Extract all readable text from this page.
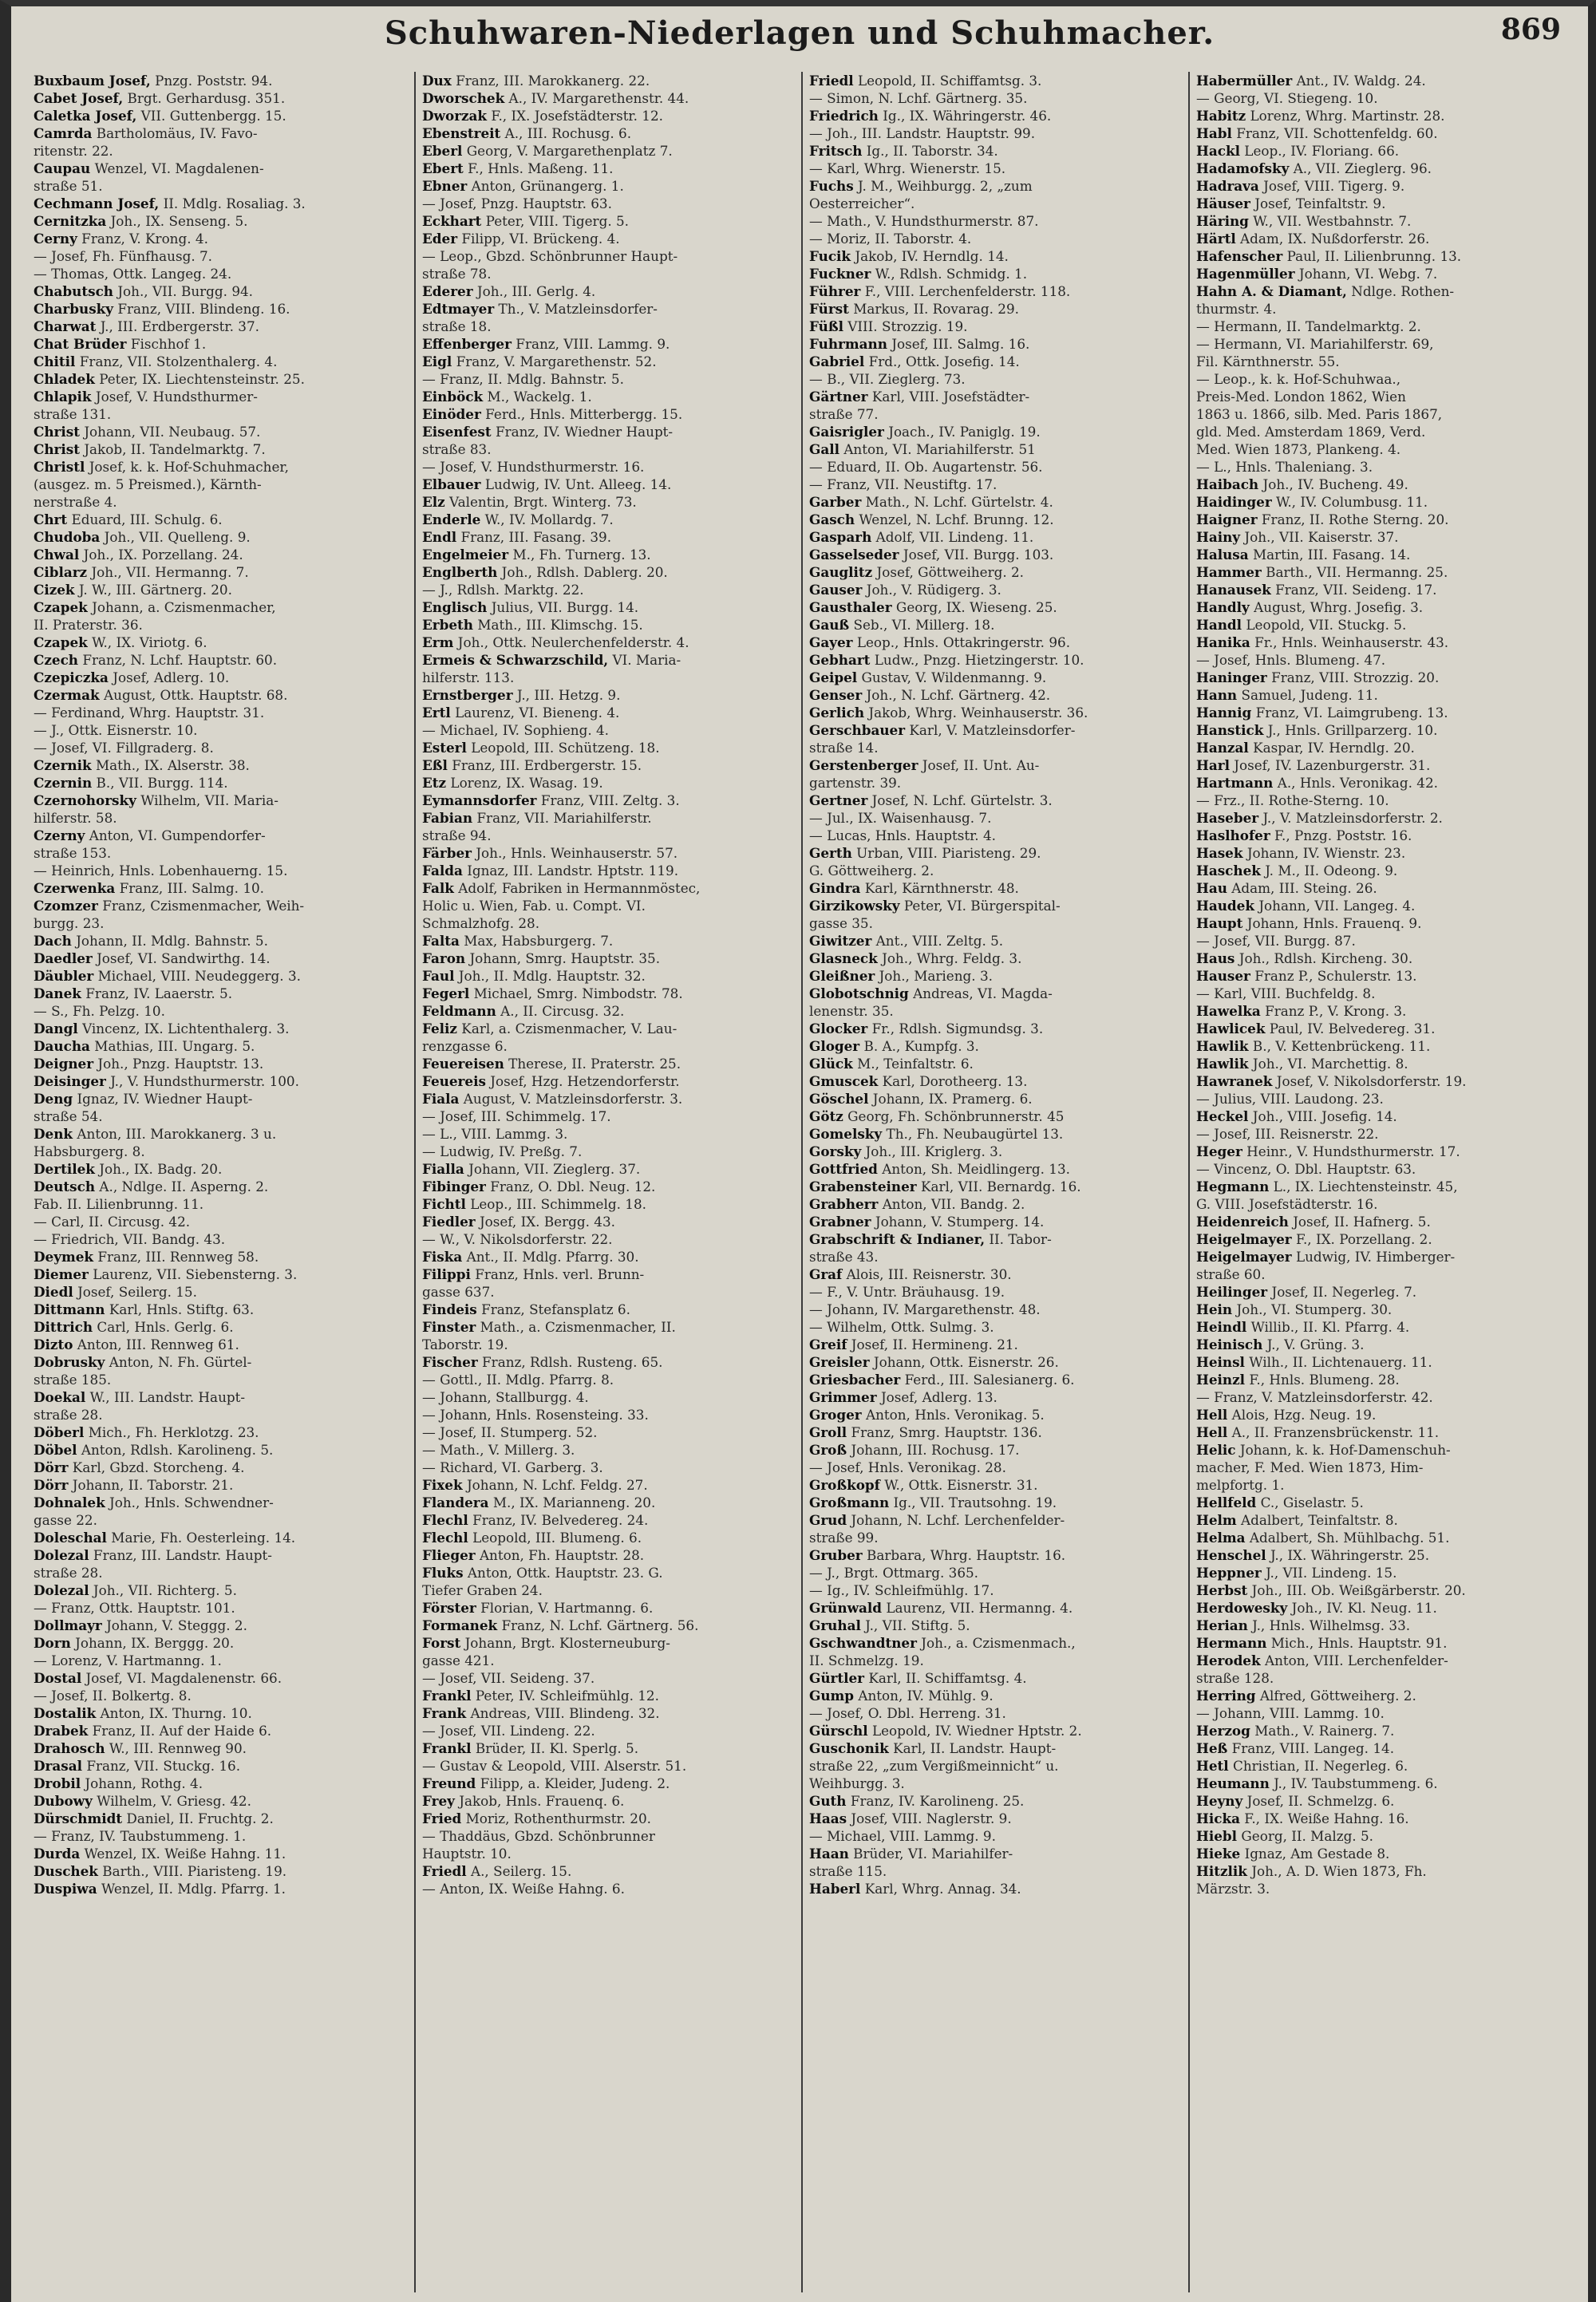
Schuhwaren-Niederlagen und Schuhmacher.	869
Buxbaum Josef, Pnzg. Poststr. 94.
Cabet Josef, Brgt. Gerhardusg. 351.
Caletka Josef, VII. Guttenbergg. 15.
Camrda Bartholomäus, IV. Favo-
ritenstr. 22.
Caupau Wenzel, VI. Magdalenen-
straße 51.
Cechmann Josef, II. Mdlg. Rosaliag. 3.
Cernitzka Joh., IX. Senseng. 5.
Cerny Franz, V. Krong. 4.
— Josef, Fh. Fünfhausg. 7.
— Thomas, Ottk. Langeg. 24.
Chabutsch Joh., VII. Burgg. 94.
Charbusky Franz, VIII. Blindeng. 16.
Charwat J., III. Erdbergerstr. 37.
Chat Brüder Fischhof 1.
Chitil Franz, VII. Stolzenthalerg. 4.
Chladek Peter, IX. Liechtensteinstr. 25.
Chlapik Josef, V. Hundsthurmer-
straße 131.
Christ Johann, VII. Neubaug. 57.
Christ Jakob, II. Tandelmarktg. 7.
Christl Josef, k. k. Hof-Schuhmacher,
(ausgez. m. 5 Preismed.), Kärnth-
nerstraße 4.
Chrt Eduard, III. Schulg. 6.
Chudoba Joh., VII. Quelleng. 9.
Chwal Joh., IX. Porzellang. 24.
Ciblarz Joh., VII. Hermanng. 7.
Cizek J. W., III. Gärtnerg. 20.
Czapek Johann, a. Czismenmacher,
II. Praterstr. 36.
Czapek W., IX. Viriotg. 6.
Czech Franz, N. Lchf. Hauptstr. 60.
Czepiczka Josef, Adlerg. 10.
Czermak August, Ottk. Hauptstr. 68.
— Ferdinand, Whrg. Hauptstr. 31.
— J., Ottk. Eisnerstr. 10.
— Josef, VI. Fillgraderg. 8.
Czernik Math., IX. Alserstr. 38.
Czernin B., VII. Burgg. 114.
Czernohorsky Wilhelm, VII. Maria-
hilferstr. 58.
Czerny Anton, VI. Gumpendorfer-
straße 153.
— Heinrich, Hnls. Lobenhauerng. 15.
Czerwenka Franz, III. Salmg. 10.
Czomzer Franz, Czismenmacher, Weih-
burgg. 23.
Dach Johann, II. Mdlg. Bahnstr. 5.
Daedler Josef, VI. Sandwirthg. 14.
Däubler Michael, VIII. Neudeggerg. 3.
Danek Franz, IV. Laaerstr. 5.
— S., Fh. Pelzg. 10.
Dangl Vincenz, IX. Lichtenthalerg. 3.
Daucha Mathias, III. Ungarg. 5.
Deigner Joh., Pnzg. Hauptstr. 13.
Deisinger J., V. Hundsthurmerstr. 100.
Deng Ignaz, IV. Wiedner Haupt-
straße 54.
Denk Anton, III. Marokkanerg. 3 u.
Habsburgerg. 8.
Dertilek Joh., IX. Badg. 20.
Deutsch A., Ndlge. II. Asperng. 2.
Fab. II. Lilienbrunng. 11.
— Carl, II. Circusg. 42.
— Friedrich, VII. Bandg. 43.
Deymek Franz, III. Rennweg 58.
Diemer Laurenz, VII. Siebensterng. 3.
Diedl Josef, Seilerg. 15.
Dittmann Karl, Hnls. Stiftg. 63.
Dittrich Carl, Hnls. Gerlg. 6.
Dizto Anton, III. Rennweg 61.
Dobrusky Anton, N. Fh. Gürtel-
straße 185.
Doekal W., III. Landstr. Haupt-
straße 28.
Döberl Mich., Fh. Herklotzg. 23.
Döbel Anton, Rdlsh. Karolineng. 5.
Dörr Karl, Gbzd. Storcheng. 4.
Dörr Johann, II. Taborstr. 21.
Dohnalek Joh., Hnls. Schwendner-
gasse 22.
Doleschal Marie, Fh. Oesterleing. 14.
Dolezal Franz, III. Landstr. Haupt-
straße 28.
Dolezal Joh., VII. Richterg. 5.
— Franz, Ottk. Hauptstr. 101.
Dollmayr Johann, V. Steggg. 2.
Dorn Johann, IX. Berggg. 20.
— Lorenz, V. Hartmanng. 1.
Dostal Josef, VI. Magdalenenstr. 66.
— Josef, II. Bolkertg. 8.
Dostalik Anton, IX. Thurng. 10.
Drabek Franz, II. Auf der Haide 6.
Drahosch W., III. Rennweg 90.
Drasal Franz, VII. Stuckg. 16.
Drobil Johann, Rothg. 4.
Dubowy Wilhelm, V. Griesg. 42.
Dürschmidt Daniel, II. Fruchtg. 2.
— Franz, IV. Taubstummeng. 1.
Durda Wenzel, IX. Weiße Hahng. 11.
Duschek Barth., VIII. Piaristeng. 19.
Duspiwa Wenzel, II. Mdlg. Pfarrg. 1.
Dux Franz, III. Marokkanerg. 22.
Dworschek A., IV. Margarethenstr. 44.
Dworzak F., IX. Josefstädterstr. 12.
Ebenstreit A., III. Rochusg. 6.
Eberl Georg, V. Margarethenplatz 7.
Ebert F., Hnls. Maßeng. 11.
Ebner Anton, Grünangerg. 1.
— Josef, Pnzg. Hauptstr. 63.
Eckhart Peter, VIII. Tigerg. 5.
Eder Filipp, VI. Brückeng. 4.
— Leop., Gbzd. Schönbrunner Haupt-
straße 78.
Ederer Joh., III. Gerlg. 4.
Edtmayer Th., V. Matzleinsdorfer-
straße 18.
Effenberger Franz, VIII. Lammg. 9.
Eigl Franz, V. Margarethenstr. 52.
— Franz, II. Mdlg. Bahnstr. 5.
Einböck M., Wackelg. 1.
Einöder Ferd., Hnls. Mitterbergg. 15.
Eisenfest Franz, IV. Wiedner Haupt-
straße 83.
— Josef, V. Hundsthurmerstr. 16.
Elbauer Ludwig, IV. Unt. Alleeg. 14.
Elz Valentin, Brgt. Winterg. 73.
Enderle W., IV. Mollardg. 7.
Endl Franz, III. Fasang. 39.
Engelmeier M., Fh. Turnerg. 13.
Englberth Joh., Rdlsh. Dablerg. 20.
— J., Rdlsh. Marktg. 22.
Englisch Julius, VII. Burgg. 14.
Erbeth Math., III. Klimschg. 15.
Erm Joh., Ottk. Neulerchenfelderstr. 4.
Ermeis & Schwarzschild, VI. Maria-
hilferstr. 113.
Ernstberger J., III. Hetzg. 9.
Ertl Laurenz, VI. Bieneng. 4.
— Michael, IV. Sophieng. 4.
Esterl Leopold, III. Schützeng. 18.
Eßl Franz, III. Erdbergerstr. 15.
Etz Lorenz, IX. Wasag. 19.
Eymannsdorfer Franz, VIII. Zeltg. 3.
Fabian Franz, VII. Mariahilferstr.
straße 94.
Färber Joh., Hnls. Weinhauserstr. 57.
Falda Ignaz, III. Landstr. Hptstr. 119.
Falk Adolf, Fabriken in Hermannmöstec,
Holic u. Wien, Fab. u. Compt. VI.
Schmalzhofg. 28.
Falta Max, Habsburgerg. 7.
Faron Johann, Smrg. Hauptstr. 35.
Faul Joh., II. Mdlg. Hauptstr. 32.
Fegerl Michael, Smrg. Nimbodstr. 78.
Feldmann A., II. Circusg. 32.
Feliz Karl, a. Czismenmacher, V. Lau-
renzgasse 6.
Feuereisen Therese, II. Praterstr. 25.
Feuereis Josef, Hzg. Hetzendorferstr.
Fiala August, V. Matzleinsdorferstr. 3.
— Josef, III. Schimmelg. 17.
— L., VIII. Lammg. 3.
— Ludwig, IV. Preßg. 7.
Fialla Johann, VII. Zieglerg. 37.
Fibinger Franz, O. Dbl. Neug. 12.
Fichtl Leop., III. Schimmelg. 18.
Fiedler Josef, IX. Bergg. 43.
— W., V. Nikolsdorferstr. 22.
Fiska Ant., II. Mdlg. Pfarrg. 30.
Filippi Franz, Hnls. verl. Brunn-
gasse 637.
Findeis Franz, Stefansplatz 6.
Finster Math., a. Czismenmacher, II.
Taborstr. 19.
Fischer Franz, Rdlsh. Rusteng. 65.
— Gottl., II. Mdlg. Pfarrg. 8.
— Johann, Stallburgg. 4.
— Johann, Hnls. Rosensteing. 33.
— Josef, II. Stumperg. 52.
— Math., V. Millerg. 3.
— Richard, VI. Garberg. 3.
Fixek Johann, N. Lchf. Feldg. 27.
Flandera M., IX. Marianneng. 20.
Flechl Franz, IV. Belvedereg. 24.
Flechl Leopold, III. Blumeng. 6.
Flieger Anton, Fh. Hauptstr. 28.
Fluks Anton, Ottk. Hauptstr. 23. G.
Tiefer Graben 24.
Förster Florian, V. Hartmanng. 6.
Formanek Franz, N. Lchf. Gärtnerg. 56.
Forst Johann, Brgt. Klosterneuburg-
gasse 421.
— Josef, VII. Seideng. 37.
Frankl Peter, IV. Schleifmühlg. 12.
Frank Andreas, VIII. Blindeng. 32.
— Josef, VII. Lindeng. 22.
Frankl Brüder, II. Kl. Sperlg. 5.
— Gustav & Leopold, VIII. Alserstr. 51.
Freund Filipp, a. Kleider, Judeng. 2.
Frey Jakob, Hnls. Frauenq. 6.
Fried Moriz, Rothenthurmstr. 20.
— Thaddäus, Gbzd. Schönbrunner
Hauptstr. 10.
Friedl A., Seilerg. 15.
— Anton, IX. Weiße Hahng. 6.
Friedl Leopold, II. Schiffamtsg. 3.
— Simon, N. Lchf. Gärtnerg. 35.
Friedrich Ig., IX. Währingerstr. 46.
— Joh., III. Landstr. Hauptstr. 99.
Fritsch Ig., II. Taborstr. 34.
— Karl, Whrg. Wienerstr. 15.
Fuchs J. M., Weihburgg. 2, „zum
Oesterreicher“.
— Math., V. Hundsthurmerstr. 87.
— Moriz, II. Taborstr. 4.
Fucik Jakob, IV. Herndlg. 14.
Fuckner W., Rdlsh. Schmidg. 1.
Führer F., VIII. Lerchenfelderstr. 118.
Fürst Markus, II. Rovarag. 29.
Füßl VIII. Strozzig. 19.
Fuhrmann Josef, III. Salmg. 16.
Gabriel Frd., Ottk. Josefig. 14.
— B., VII. Zieglerg. 73.
Gärtner Karl, VIII. Josefstädter-
straße 77.
Gaisrigler Joach., IV. Paniglg. 19.
Gall Anton, VI. Mariahilferstr. 51
— Eduard, II. Ob. Augartenstr. 56.
— Franz, VII. Neustiftg. 17.
Garber Math., N. Lchf. Gürtelstr. 4.
Gasch Wenzel, N. Lchf. Brunng. 12.
Gasparh Adolf, VII. Lindeng. 11.
Gasselseder Josef, VII. Burgg. 103.
Gauglitz Josef, Göttweiherg. 2.
Gauser Joh., V. Rüdigerg. 3.
Gausthaler Georg, IX. Wieseng. 25.
Gauß Seb., VI. Millerg. 18.
Gayer Leop., Hnls. Ottakringerstr. 96.
Gebhart Ludw., Pnzg. Hietzingerstr. 10.
Geipel Gustav, V. Wildenmanng. 9.
Genser Joh., N. Lchf. Gärtnerg. 42.
Gerlich Jakob, Whrg. Weinhauserstr. 36.
Gerschbauer Karl, V. Matzleinsdorfer-
straße 14.
Gerstenberger Josef, II. Unt. Au-
gartenstr. 39.
Gertner Josef, N. Lchf. Gürtelstr. 3.
— Jul., IX. Waisenhausg. 7.
— Lucas, Hnls. Hauptstr. 4.
Gerth Urban, VIII. Piaristeng. 29.
G. Göttweiherg. 2.
Gindra Karl, Kärnthnerstr. 48.
Girzikowsky Peter, VI. Bürgerspital-
gasse 35.
Giwitzer Ant., VIII. Zeltg. 5.
Glasneck Joh., Whrg. Feldg. 3.
Gleißner Joh., Marieng. 3.
Globotschnig Andreas, VI. Magda-
lenenstr. 35.
Glocker Fr., Rdlsh. Sigmundsg. 3.
Gloger B. A., Kumpfg. 3.
Glück M., Teinfaltstr. 6.
Gmuscek Karl, Dorotheerg. 13.
Göschel Johann, IX. Pramerg. 6.
Götz Georg, Fh. Schönbrunnerstr. 45
Gomelsky Th., Fh. Neubaugürtel 13.
Gorsky Joh., III. Kriglerg. 3.
Gottfried Anton, Sh. Meidlingerg. 13.
Grabensteiner Karl, VII. Bernardg. 16.
Grabherr Anton, VII. Bandg. 2.
Grabner Johann, V. Stumperg. 14.
Grabschrift & Indianer, II. Tabor-
straße 43.
Graf Alois, III. Reisnerstr. 30.
— F., V. Untr. Bräuhausg. 19.
— Johann, IV. Margarethenstr. 48.
— Wilhelm, Ottk. Sulmg. 3.
Greif Josef, II. Hermineng. 21.
Greisler Johann, Ottk. Eisnerstr. 26.
Griesbacher Ferd., III. Salesianerg. 6.
Grimmer Josef, Adlerg. 13.
Groger Anton, Hnls. Veronikag. 5.
Groll Franz, Smrg. Hauptstr. 136.
Groß Johann, III. Rochusg. 17.
— Josef, Hnls. Veronikag. 28.
Großkopf W., Ottk. Eisnerstr. 31.
Großmann Ig., VII. Trautsohng. 19.
Grud Johann, N. Lchf. Lerchenfelder-
straße 99.
Gruber Barbara, Whrg. Hauptstr. 16.
— J., Brgt. Ottmarg. 365.
— Ig., IV. Schleifmühlg. 17.
Grünwald Laurenz, VII. Hermanng. 4.
Gruhal J., VII. Stiftg. 5.
Gschwandtner Joh., a. Czismenmach.,
II. Schmelzg. 19.
Gürtler Karl, II. Schiffamtsg. 4.
Gump Anton, IV. Mühlg. 9.
— Josef, O. Dbl. Herreng. 31.
Gürschl Leopold, IV. Wiedner Hptstr. 2.
Guschonik Karl, II. Landstr. Haupt-
straße 22, „zum Vergißmeinnicht“ u.
Weihburgg. 3.
Guth Franz, IV. Karolineng. 25.
Haas Josef, VIII. Naglerstr. 9.
— Michael, VIII. Lammg. 9.
Haan Brüder, VI. Mariahilfer-
straße 115.
Haberl Karl, Whrg. Annag. 34.
Habermüller Ant., IV. Waldg. 24.
— Georg, VI. Stiegeng. 10.
Habitz Lorenz, Whrg. Martinstr. 28.
Habl Franz, VII. Schottenfeldg. 60.
Hackl Leop., IV. Floriang. 66.
Hadamofsky A., VII. Zieglerg. 96.
Hadrava Josef, VIII. Tigerg. 9.
Häuser Josef, Teinfaltstr. 9.
Häring W., VII. Westbahnstr. 7.
Härtl Adam, IX. Nußdorferstr. 26.
Hafenscher Paul, II. Lilienbrunng. 13.
Hagenmüller Johann, VI. Webg. 7.
Hahn A. & Diamant, Ndlge. Rothen-
thurmstr. 4.
— Hermann, II. Tandelmarktg. 2.
— Hermann, VI. Mariahilferstr. 69,
Fil. Kärnthnerstr. 55.
— Leop., k. k. Hof-Schuhwaa.,
Preis-Med. London 1862, Wien
1863 u. 1866, silb. Med. Paris 1867,
gld. Med. Amsterdam 1869, Verd.
Med. Wien 1873, Plankeng. 4.
— L., Hnls. Thaleniang. 3.
Haibach Joh., IV. Bucheng. 49.
Haidinger W., IV. Columbusg. 11.
Haigner Franz, II. Rothe Sterng. 20.
Hainy Joh., VII. Kaiserstr. 37.
Halusa Martin, III. Fasang. 14.
Hammer Barth., VII. Hermanng. 25.
Hanausek Franz, VII. Seideng. 17.
Handly August, Whrg. Josefig. 3.
Handl Leopold, VII. Stuckg. 5.
Hanika Fr., Hnls. Weinhauserstr. 43.
— Josef, Hnls. Blumeng. 47.
Haninger Franz, VIII. Strozzig. 20.
Hann Samuel, Judeng. 11.
Hannig Franz, VI. Laimgrubeng. 13.
Hanstick J., Hnls. Grillparzerg. 10.
Hanzal Kaspar, IV. Herndlg. 20.
Harl Josef, IV. Lazenburgerstr. 31.
Hartmann A., Hnls. Veronikag. 42.
— Frz., II. Rothe-Sterng. 10.
Haseber J., V. Matzleinsdorferstr. 2.
Haslhofer F., Pnzg. Poststr. 16.
Hasek Johann, IV. Wienstr. 23.
Haschek J. M., II. Odeong. 9.
Hau Adam, III. Steing. 26.
Haudek Johann, VII. Langeg. 4.
Haupt Johann, Hnls. Frauenq. 9.
— Josef, VII. Burgg. 87.
Haus Joh., Rdlsh. Kircheng. 30.
Hauser Franz P., Schulerstr. 13.
— Karl, VIII. Buchfeldg. 8.
Hawelka Franz P., V. Krong. 3.
Hawlicek Paul, IV. Belvedereg. 31.
Hawlik B., V. Kettenbrückeng. 11.
Hawlik Joh., VI. Marchettig. 8.
Hawranek Josef, V. Nikolsdorferstr. 19.
— Julius, VIII. Laudong. 23.
Heckel Joh., VIII. Josefig. 14.
— Josef, III. Reisnerstr. 22.
Heger Heinr., V. Hundsthurmerstr. 17.
— Vincenz, O. Dbl. Hauptstr. 63.
Hegmann L., IX. Liechtensteinstr. 45,
G. VIII. Josefstädterstr. 16.
Heidenreich Josef, II. Hafnerg. 5.
Heigelmayer F., IX. Porzellang. 2.
Heigelmayer Ludwig, IV. Himberger-
straße 60.
Heilinger Josef, II. Negerleg. 7.
Hein Joh., VI. Stumperg. 30.
Heindl Willib., II. Kl. Pfarrg. 4.
Heinisch J., V. Grüng. 3.
Heinsl Wilh., II. Lichtenauerg. 11.
Heinzl F., Hnls. Blumeng. 28.
— Franz, V. Matzleinsdorferstr. 42.
Hell Alois, Hzg. Neug. 19.
Hell A., II. Franzensbrückenstr. 11.
Helic Johann, k. k. Hof-Damenschuh-
macher, F. Med. Wien 1873, Him-
melpfortg. 1.
Hellfeld C., Giselastr. 5.
Helm Adalbert, Teinfaltstr. 8.
Helma Adalbert, Sh. Mühlbachg. 51.
Henschel J., IX. Währingerstr. 25.
Heppner J., VII. Lindeng. 15.
Herbst Joh., III. Ob. Weißgärberstr. 20.
Herdowesky Joh., IV. Kl. Neug. 11.
Herian J., Hnls. Wilhelmsg. 33.
Hermann Mich., Hnls. Hauptstr. 91.
Herodek Anton, VIII. Lerchenfelder-
straße 128.
Herring Alfred, Göttweiherg. 2.
— Johann, VIII. Lammg. 10.
Herzog Math., V. Rainerg. 7.
Heß Franz, VIII. Langeg. 14.
Hetl Christian, II. Negerleg. 6.
Heumann J., IV. Taubstummeng. 6.
Heyny Josef, II. Schmelzg. 6.
Hicka F., IX. Weiße Hahng. 16.
Hiebl Georg, II. Malzg. 5.
Hieke Ignaz, Am Gestade 8.
Hitzlik Joh., A. D. Wien 1873, Fh.
Märzstr. 3.
